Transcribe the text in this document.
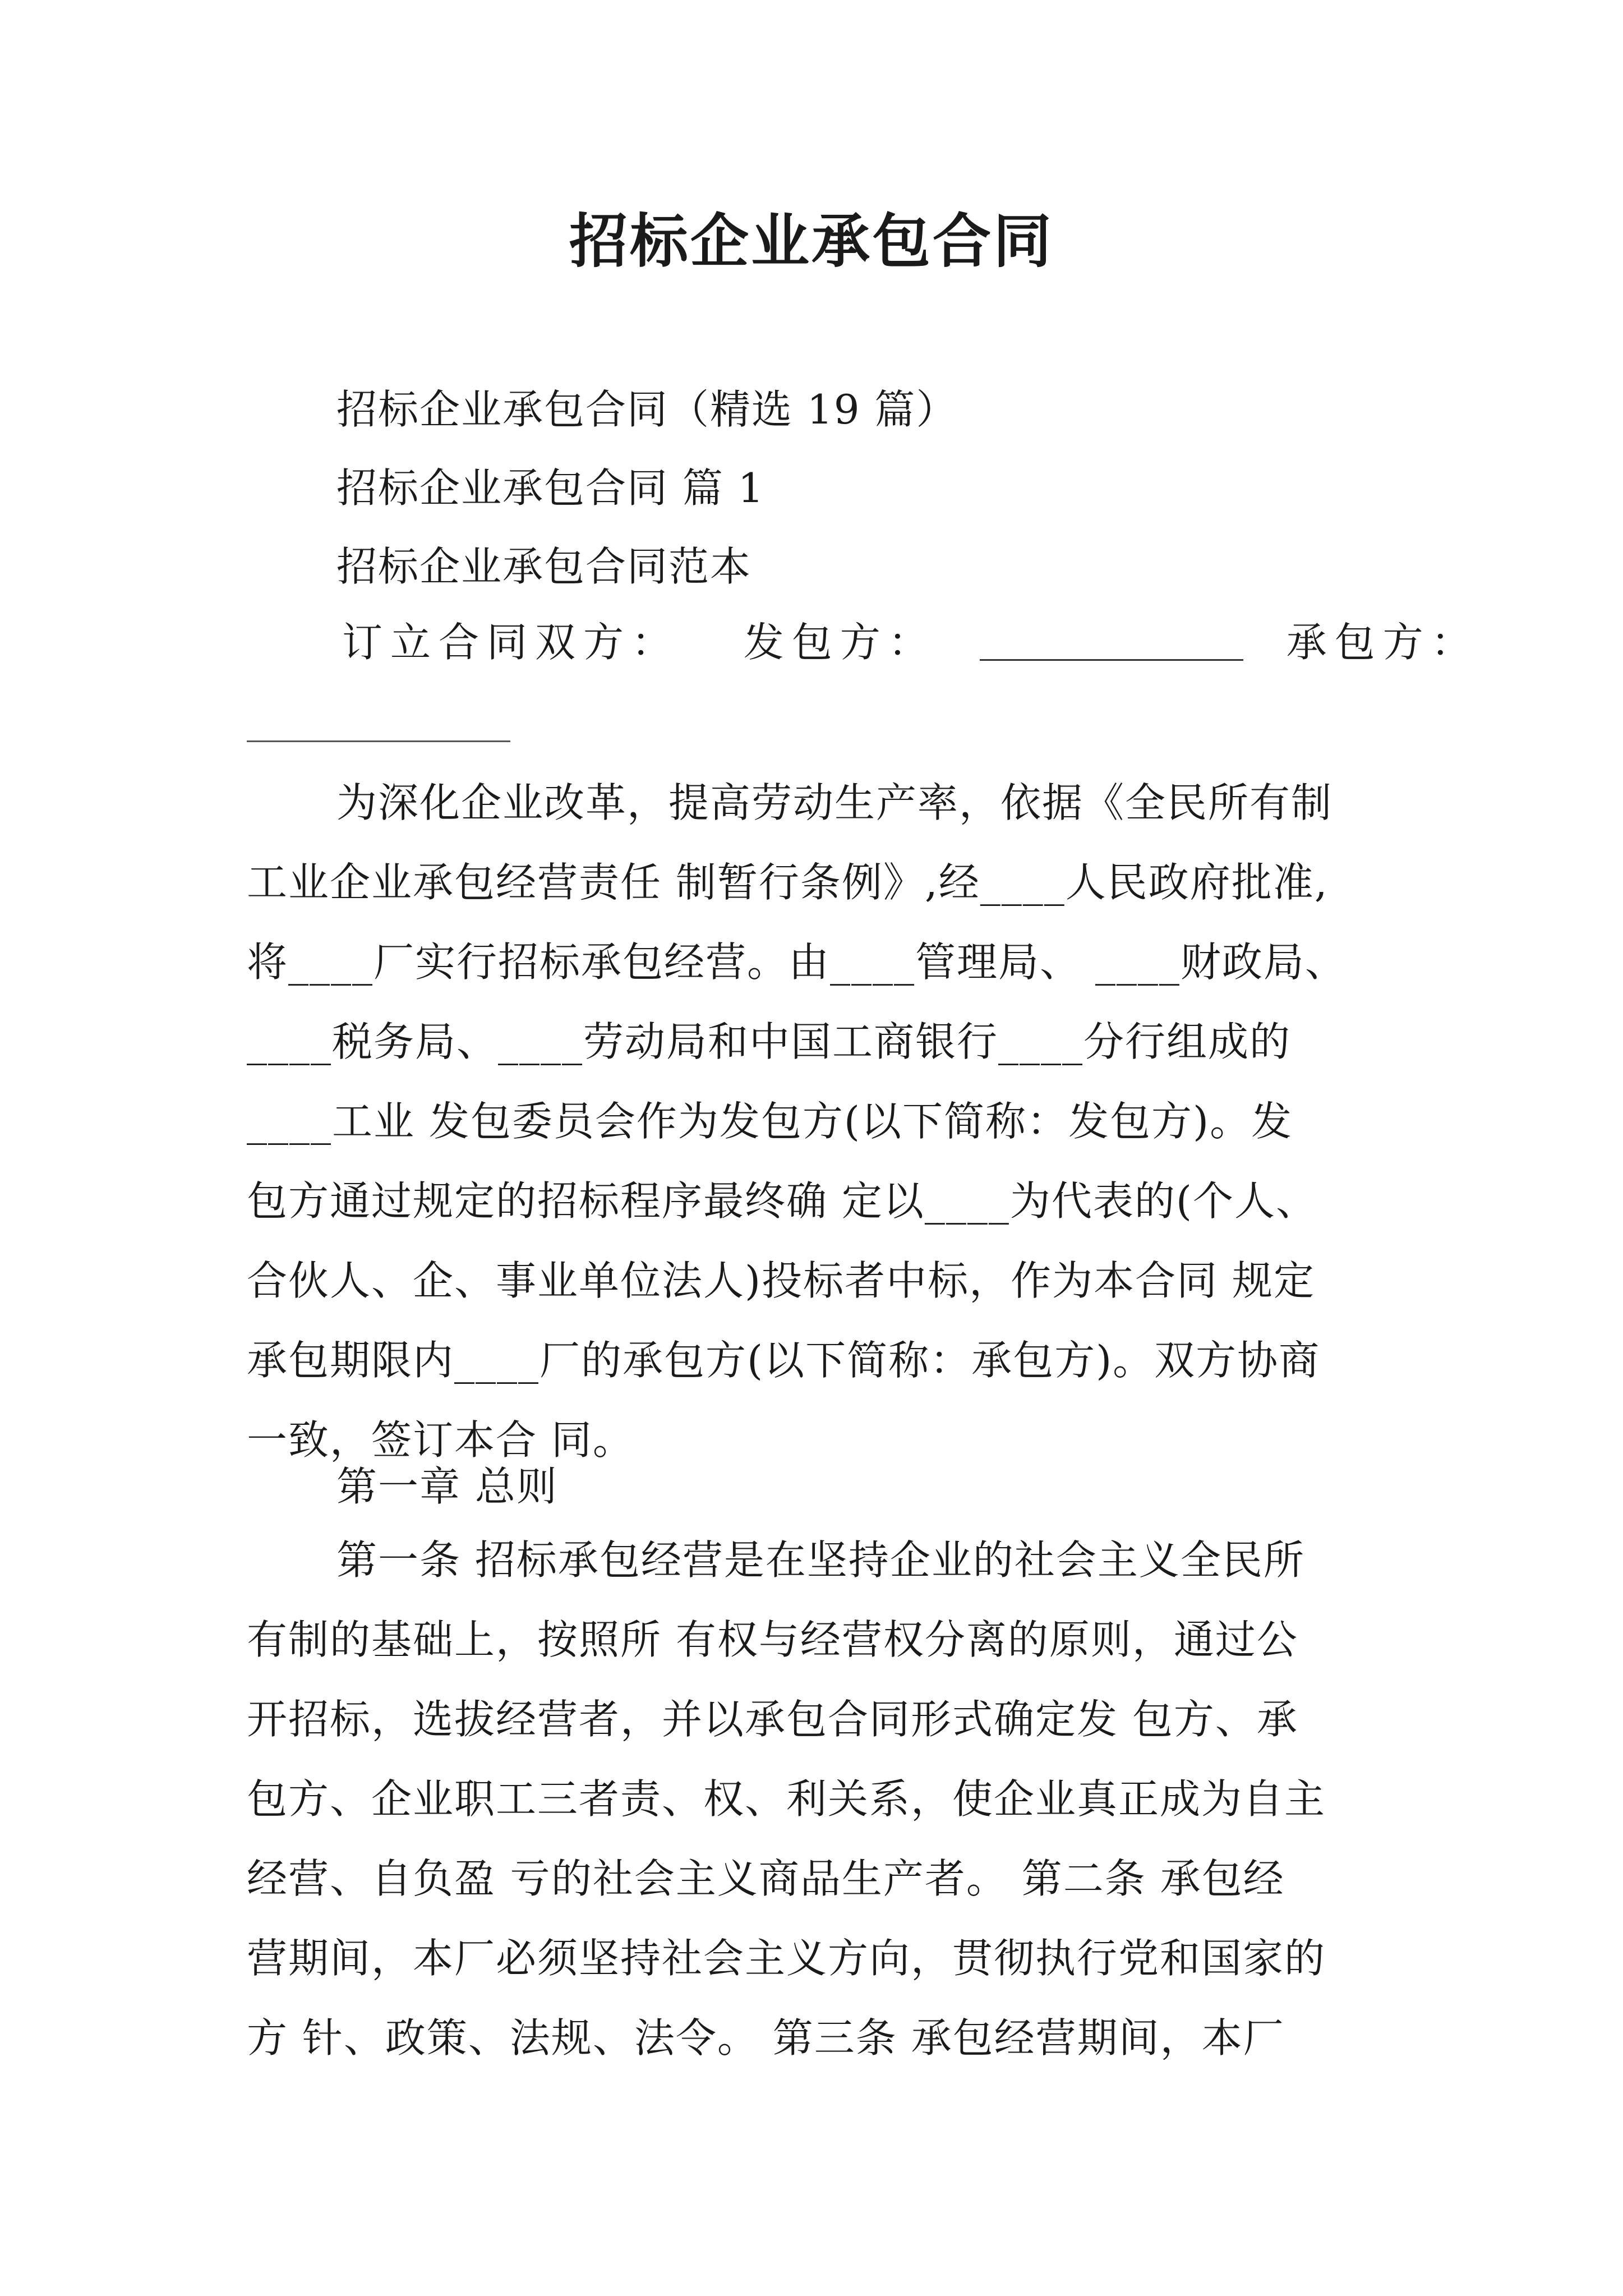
招标企业承包合同
招标企业承包合同（精选 19 篇）
招标企业承包合同 篇 1
招标企业承包合同范本
订立合同双方： 发包方：	承包方：
为深化企业改革，提高劳动生产率，依据《全民所有制
工业企业承包经营责任 制暂行条例》,经____人民政府批准,
将____厂实行招标承包经营。由____管理局、 ____财政局、
____税务局、____劳动局和中国工商银行____分行组成的
____工业 发包委员会作为发包方(以下简称：发包方)。发
包方通过规定的招标程序最终确 定以____为代表的(个人、
合伙人、企、事业单位法人)投标者中标，作为本合同 规定
承包期限内____厂的承包方(以下简称：承包方)。双方协商
一致，签订本合 同。
第一章 总则
第一条 招标承包经营是在坚持企业的社会主义全民所
有制的基础上，按照所 有权与经营权分离的原则，通过公
开招标，选拔经营者，并以承包合同形式确定发 包方、承
包方、企业职工三者责、权、利关系，使企业真正成为自主
经营、自负盈 亏的社会主义商品生产者。 第二条 承包经
营期间，本厂必须坚持社会主义方向，贯彻执行党和国家的
方 针、政策、法规、法令。 第三条 承包经营期间，本厂
